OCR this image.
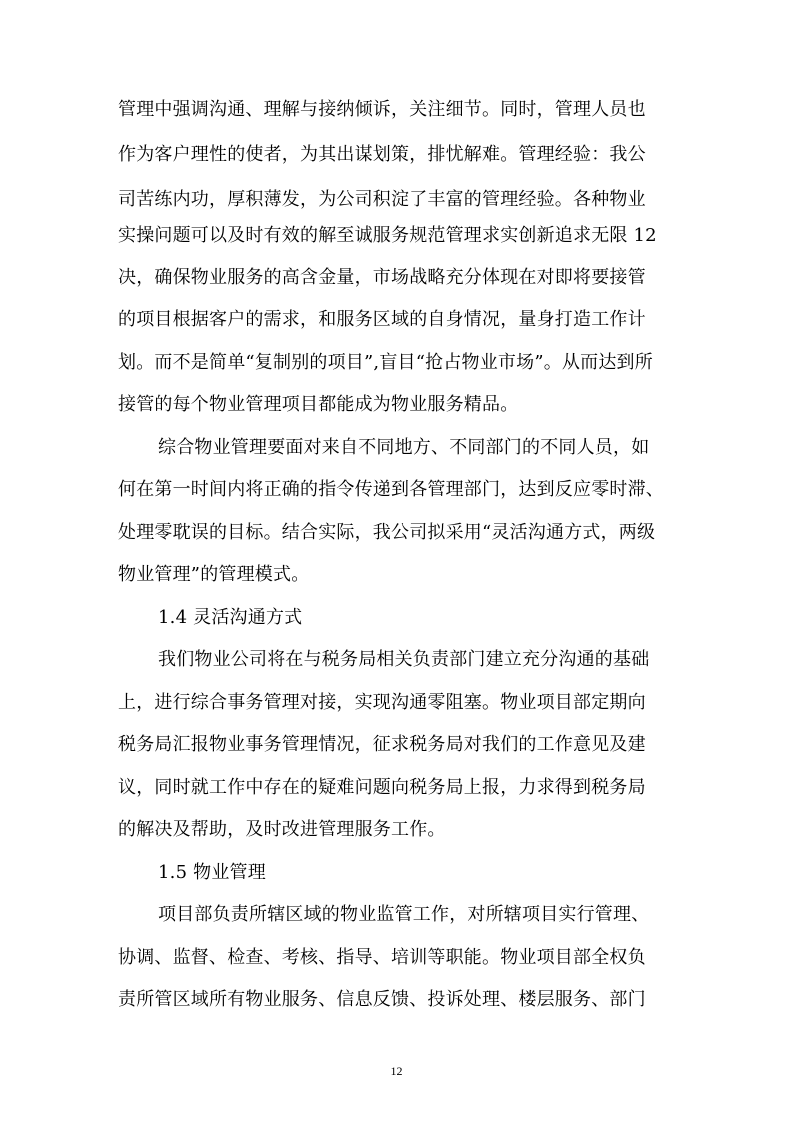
管理中强调沟通、理解与接纳倾诉，关注细节。同时，管理人员也
作为客户理性的使者，为其出谋划策，排忧解难。管理经验：我公
司苦练内功，厚积薄发，为公司积淀了丰富的管理经验。各种物业
实操问题可以及时有效的解至诚服务规范管理求实创新追求无限 12
决，确保物业服务的高含金量，市场战略充分体现在对即将要接管
的项目根据客户的需求，和服务区域的自身情况，量身打造工作计
划。而不是简单“复制别的项目”,盲目“抢占物业市场”。从而达到所
接管的每个物业管理项目都能成为物业服务精品。
综合物业管理要面对来自不同地方、不同部门的不同人员，如
何在第一时间内将正确的指令传递到各管理部门，达到反应零时滞、
处理零耽误的目标。结合实际，我公司拟采用“灵活沟通方式，两级
物业管理”的管理模式。
1.4 灵活沟通方式
我们物业公司将在与税务局相关负责部门建立充分沟通的基础
上，进行综合事务管理对接，实现沟通零阻塞。物业项目部定期向
税务局汇报物业事务管理情况，征求税务局对我们的工作意见及建
议，同时就工作中存在的疑难问题向税务局上报，力求得到税务局
的解决及帮助，及时改进管理服务工作。
1.5 物业管理
项目部负责所辖区域的物业监管工作，对所辖项目实行管理、
协调、监督、检查、考核、指导、培训等职能。物业项目部全权负
责所管区域所有物业服务、信息反馈、投诉处理、楼层服务、部门
12
